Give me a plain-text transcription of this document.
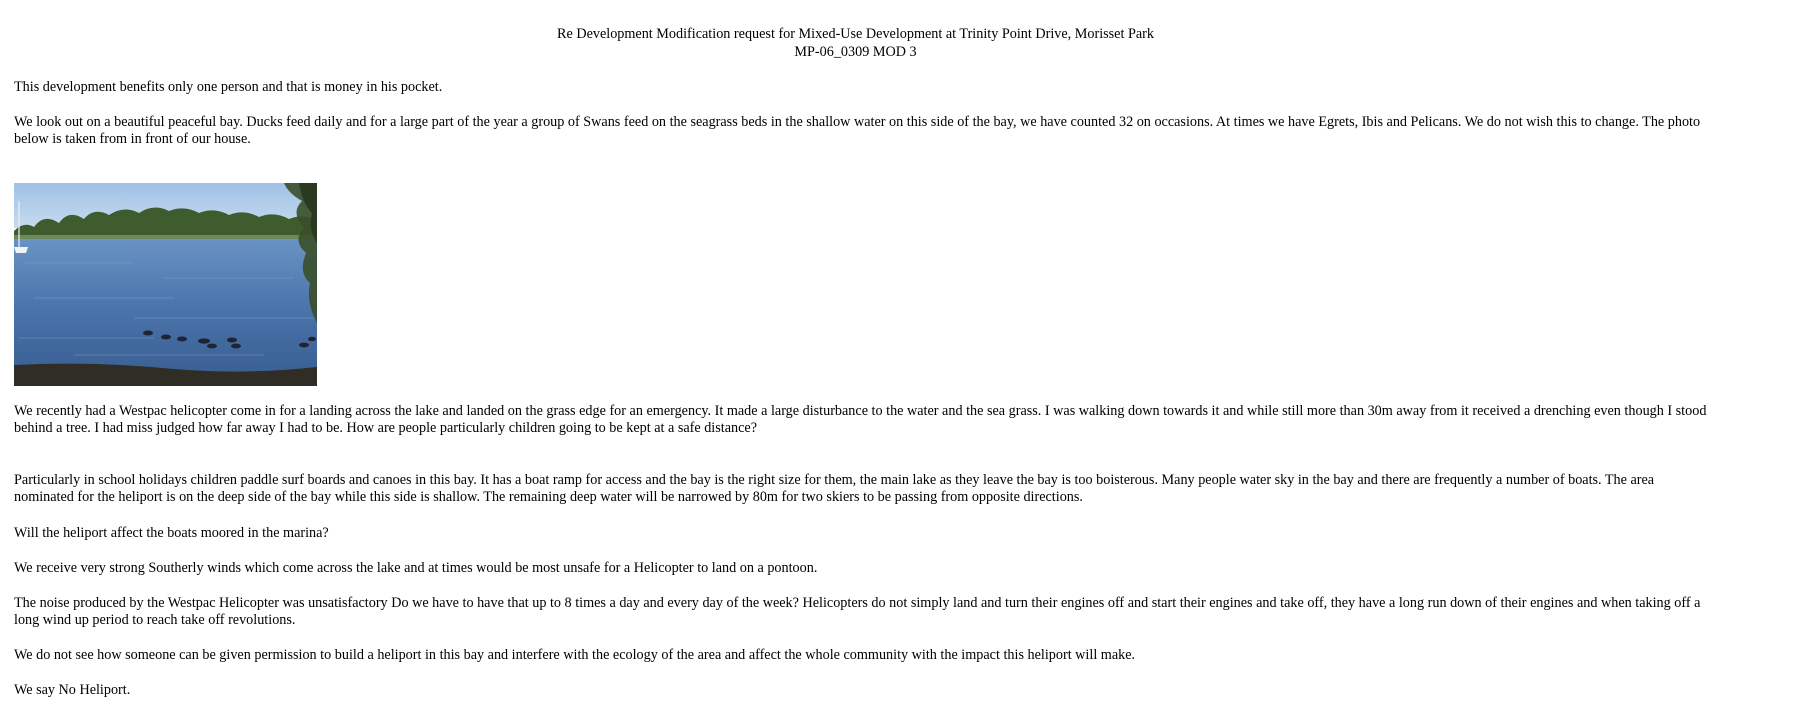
Re Development Modification request for Mixed-Use Development at Trinity Point Drive, Morisset Park
MP-06_0309 MOD 3

This development benefits only one person and that is money in his pocket.

We look out on a beautiful peaceful bay. Ducks feed daily and for a large part of the year a group of Swans feed on the seagrass beds in the shallow water on this side of the bay, we have counted 32 on occasions. At times we have Egrets, Ibis and Pelicans. We do not wish this to change. The photo below is taken from in front of our house.

We recently had a Westpac helicopter come in for a landing across the lake and landed on the grass edge for an emergency. It made a large disturbance to the water and the sea grass. I was walking down towards it and while still more than 30m away from it received a drenching even though I stood behind a tree. I had miss judged how far away I had to be. How are people particularly children going to be kept at a safe distance?

Particularly in school holidays children paddle surf boards and canoes in this bay. It has a boat ramp for access and the bay is the right size for them, the main lake as they leave the bay is too boisterous. Many people water sky in the bay and there are frequently a number of boats. The area nominated for the heliport is on the deep side of the bay while this side is shallow. The remaining deep water will be narrowed by 80m for two skiers to be passing from opposite directions.

Will the heliport affect the boats moored in the marina?

We receive very strong Southerly winds which come across the lake and at times would be most unsafe for a Helicopter to land on a pontoon.

The noise produced by the Westpac Helicopter was unsatisfactory Do we have to have that up to 8 times a day and every day of the week? Helicopters do not simply land and turn their engines off and start their engines and take off, they have a long run down of their engines and when taking off a long wind up period to reach take off revolutions.

We do not see how someone can be given permission to build a heliport in this bay and interfere with the ecology of the area and affect the whole community with the impact this heliport will make.

We say No Heliport.
